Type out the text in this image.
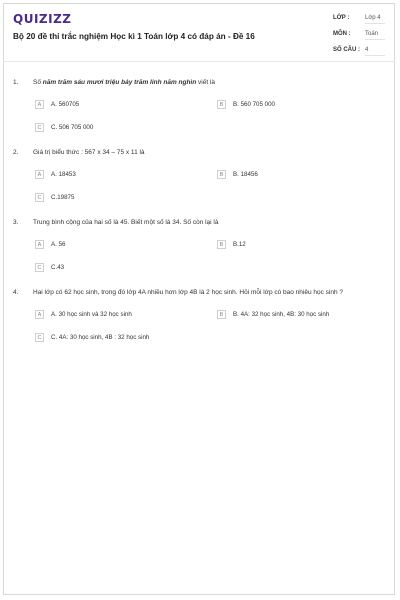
QUIZIZZ
Bộ 20 đề thi trắc nghiệm Học kì 1 Toán lớp 4 có đáp án - Đề 16
LỚP :	Lớp 4
MÔN : Toán
SỐ CÂU : 4
1. Số năm trăm sáu mươi triệu bảy trăm linh năm nghìn viết là
A	A. 560705	B	B. 560 705 000
C	C. 506 705 000
2. Giá trị biểu thức : 567 x 34 – 75 x 11 là
A	A. 18453	B	B. 18456
C	C.19875
3. Trung bình cộng của hai số là 45. Biết một số là 34. Số còn lại là
A	A. 56	B	B.12
C	C.43
4. Hai lớp có 62 học sinh, trong đó lớp 4A nhiều hơn lớp 4B là 2 học sinh. Hỏi mỗi lớp có bao nhiêu học sinh ?
A	A. 30 học sinh và 32 học sinh	B	B. 4A: 32 học sinh, 4B: 30 học sinh
C	C. 4A: 30 học sinh, 4B : 32 học sinh
